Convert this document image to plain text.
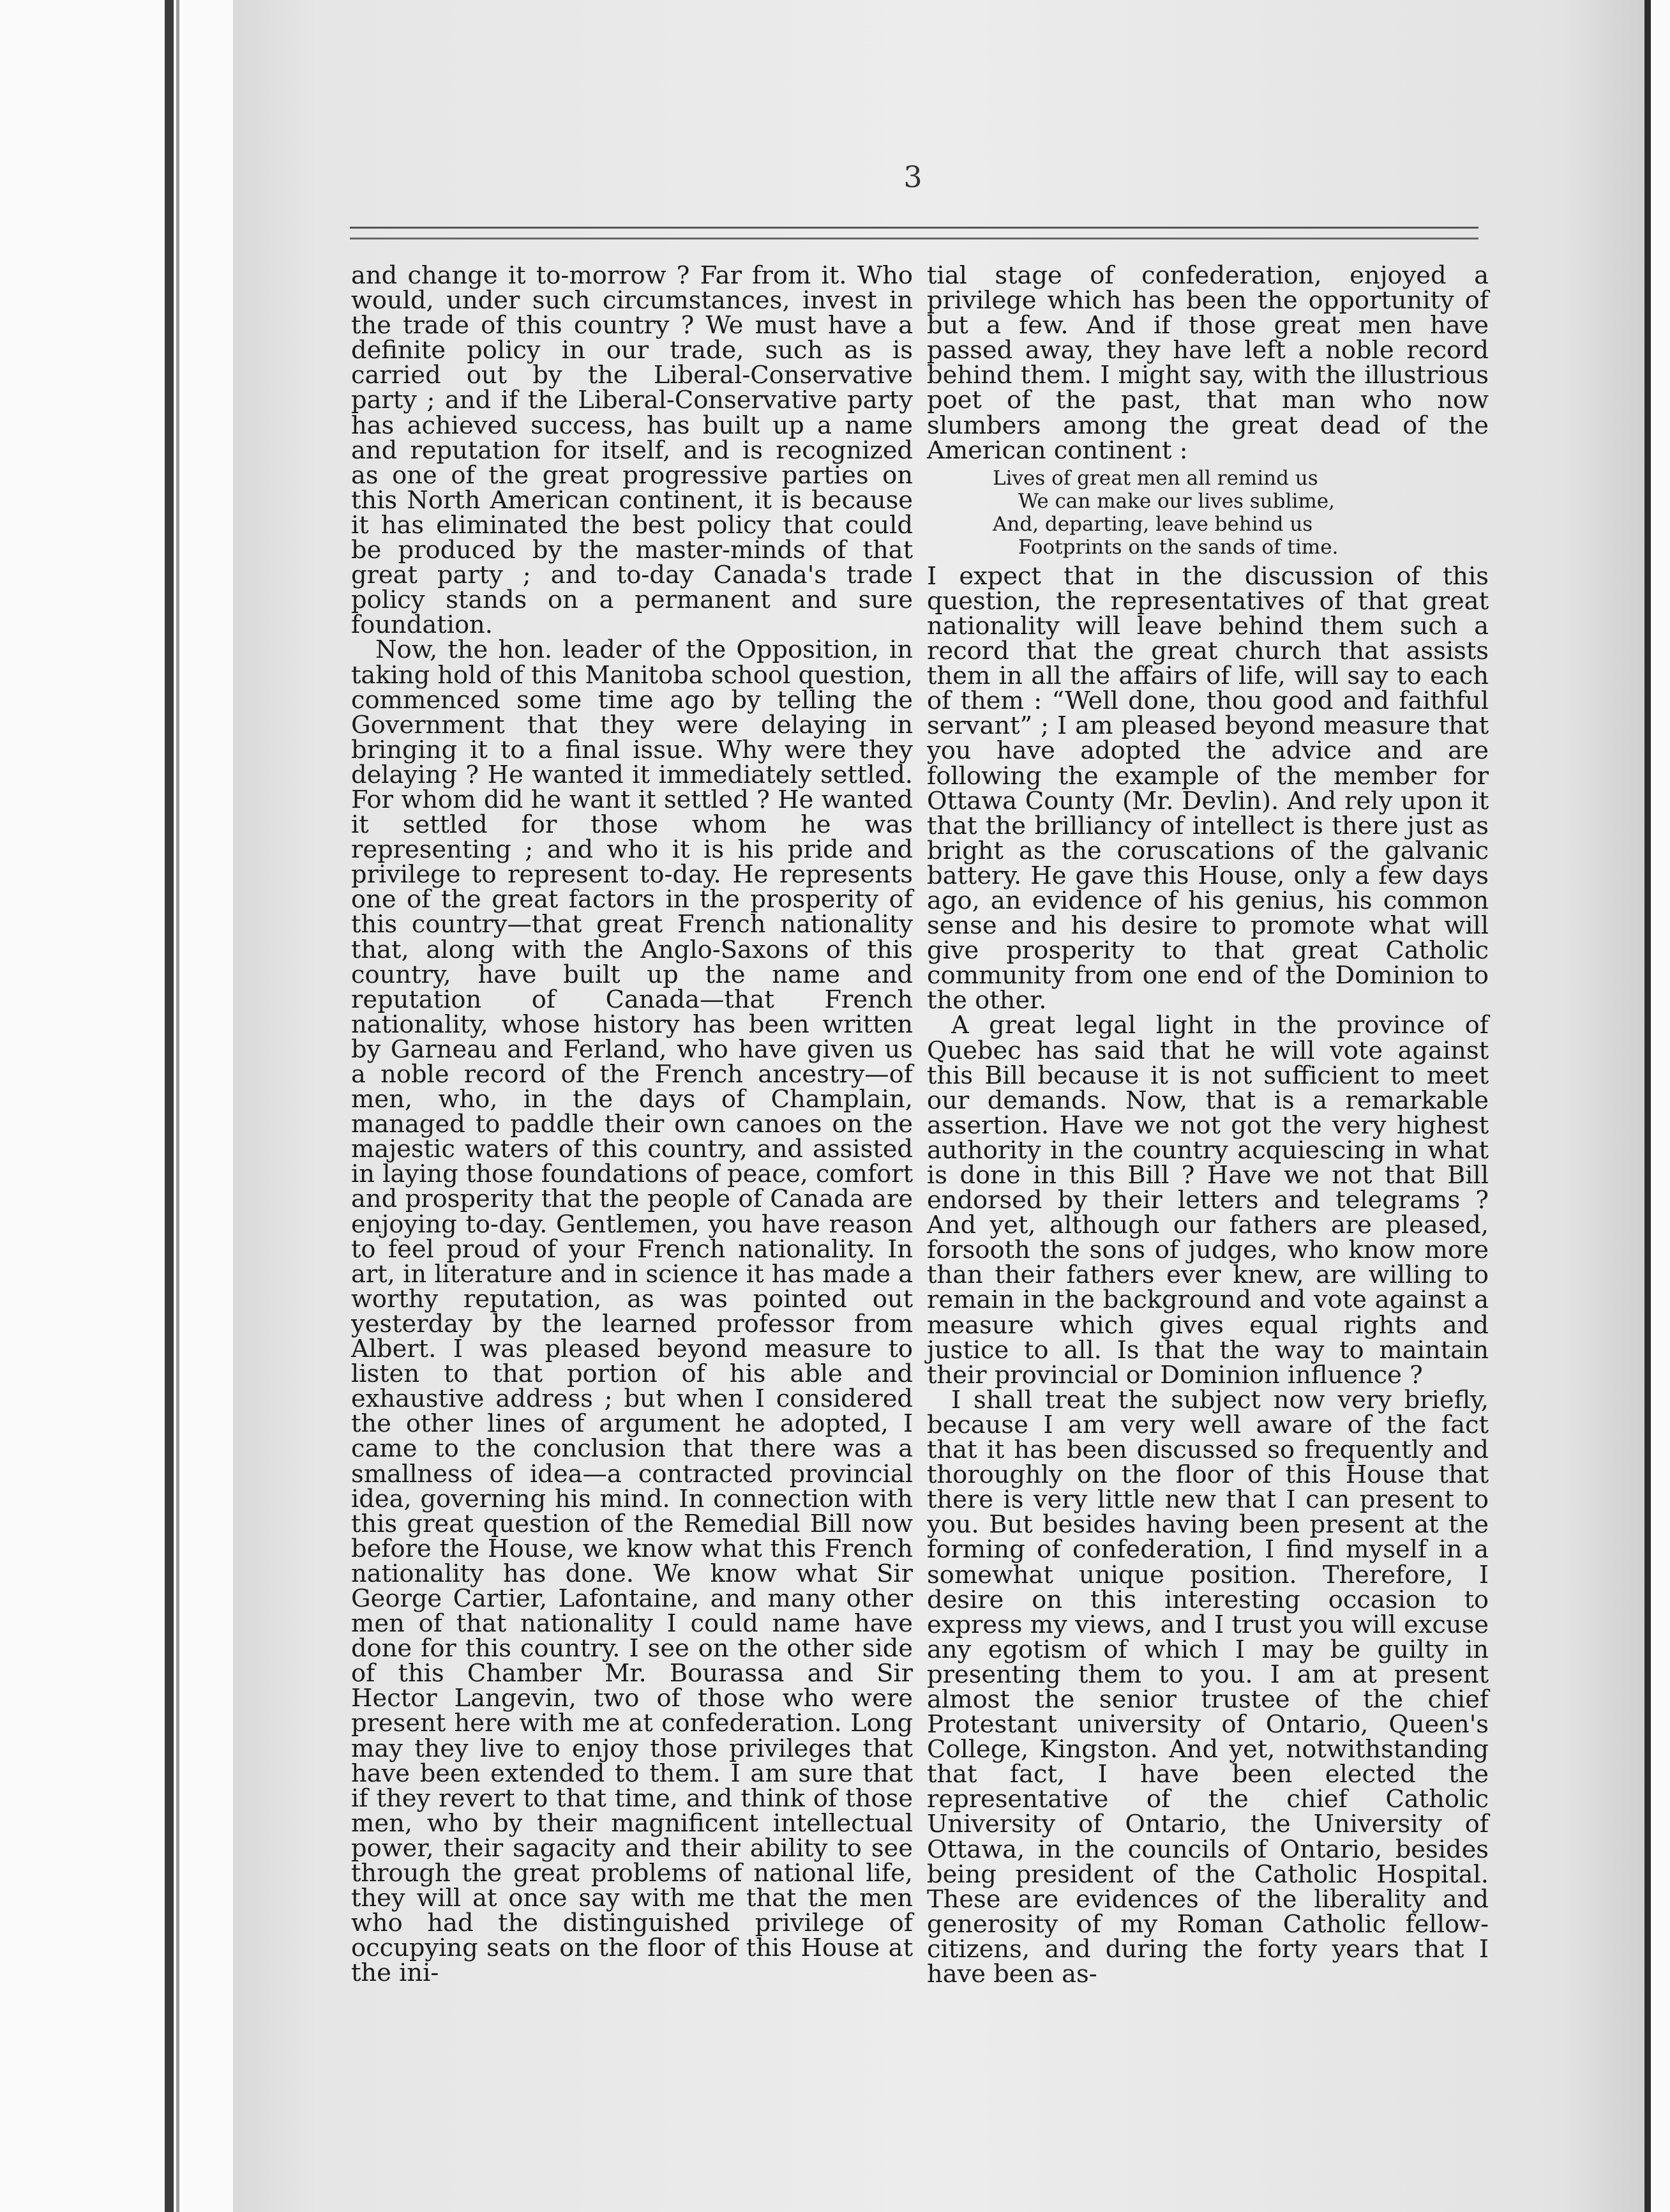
3

and change it to-morrow ? Far from it. Who would, under such circumstances, invest in the trade of this country ? We must have a definite policy in our trade, such as is carried out by the Liberal-Conservative party ; and if the Liberal-Conservative party has achieved success, has built up a name and reputation for itself, and is recognized as one of the great progressive parties on this North American continent, it is because it has eliminated the best policy that could be produced by the master-minds of that great party ; and to-day Canada's trade policy stands on a permanent and sure foundation.

Now, the hon. leader of the Opposition, in taking hold of this Manitoba school question, commenced some time ago by telling the Government that they were delaying in bringing it to a final issue. Why were they delaying ? He wanted it immediately settled. For whom did he want it settled ? He wanted it settled for those whom he was representing ; and who it is his pride and privilege to represent to-day. He represents one of the great factors in the prosperity of this country—that great French nationality that, along with the Anglo-Saxons of this country, have built up the name and reputation of Canada—that French nationality, whose history has been written by Garneau and Ferland, who have given us a noble record of the French ancestry—of men, who, in the days of Champlain, managed to paddle their own canoes on the majestic waters of this country, and assisted in laying those foundations of peace, comfort and prosperity that the people of Canada are enjoying to-day. Gentlemen, you have reason to feel proud of your French nationality. In art, in literature and in science it has made a worthy reputation, as was pointed out yesterday by the learned professor from Albert. I was pleased beyond measure to listen to that portion of his able and exhaustive address ; but when I considered the other lines of argument he adopted, I came to the conclusion that there was a smallness of idea—a contracted provincial idea, governing his mind. In connection with this great question of the Remedial Bill now before the House, we know what this French nationality has done. We know what Sir George Cartier, Lafontaine, and many other men of that nationality I could name have done for this country. I see on the other side of this Chamber Mr. Bourassa and Sir Hector Langevin, two of those who were present here with me at confederation. Long may they live to enjoy those privileges that have been extended to them. I am sure that if they revert to that time, and think of those men, who by their magnificent intellectual power, their sagacity and their ability to see through the great problems of national life, they will at once say with me that the men who had the distinguished privilege of occupying seats on the floor of this House at the ini-

tial stage of confederation, enjoyed a privilege which has been the opportunity of but a few. And if those great men have passed away, they have left a noble record behind them. I might say, with the illustrious poet of the past, that man who now slumbers among the great dead of the American continent :

Lives of great men all remind us
We can make our lives sublime,
And, departing, leave behind us
Footprints on the sands of time.

I expect that in the discussion of this question, the representatives of that great nationality will leave behind them such a record that the great church that assists them in all the affairs of life, will say to each of them : “Well done, thou good and faithful servant” ; I am pleased beyond measure that you have adopted the advice and are following the example of the member for Ottawa County (Mr. Devlin). And rely upon it that the brilliancy of intellect is there just as bright as the coruscations of the galvanic battery. He gave this House, only a few days ago, an evidence of his genius, his common sense and his desire to promote what will give prosperity to that great Catholic community from one end of the Dominion to the other.

A great legal light in the province of Quebec has said that he will vote against this Bill because it is not sufficient to meet our demands. Now, that is a remarkable assertion. Have we not got the very highest authority in the country acquiescing in what is done in this Bill ? Have we not that Bill endorsed by their letters and telegrams ? And yet, although our fathers are pleased, forsooth the sons of judges, who know more than their fathers ever knew, are willing to remain in the background and vote against a measure which gives equal rights and justice to all. Is that the way to maintain their provincial or Dominion influence ?

I shall treat the subject now very briefly, because I am very well aware of the fact that it has been discussed so frequently and thoroughly on the floor of this House that there is very little new that I can present to you. But besides having been present at the forming of confederation, I find myself in a somewhat unique position. Therefore, I desire on this interesting occasion to express my views, and I trust you will excuse any egotism of which I may be guilty in presenting them to you. I am at present almost the senior trustee of the chief Protestant university of Ontario, Queen's College, Kingston. And yet, notwithstanding that fact, I have been elected the representative of the chief Catholic University of Ontario, the University of Ottawa, in the councils of Ontario, besides being president of the Catholic Hospital. These are evidences of the liberality and generosity of my Roman Catholic fellow-citizens, and during the forty years that I have been as-
